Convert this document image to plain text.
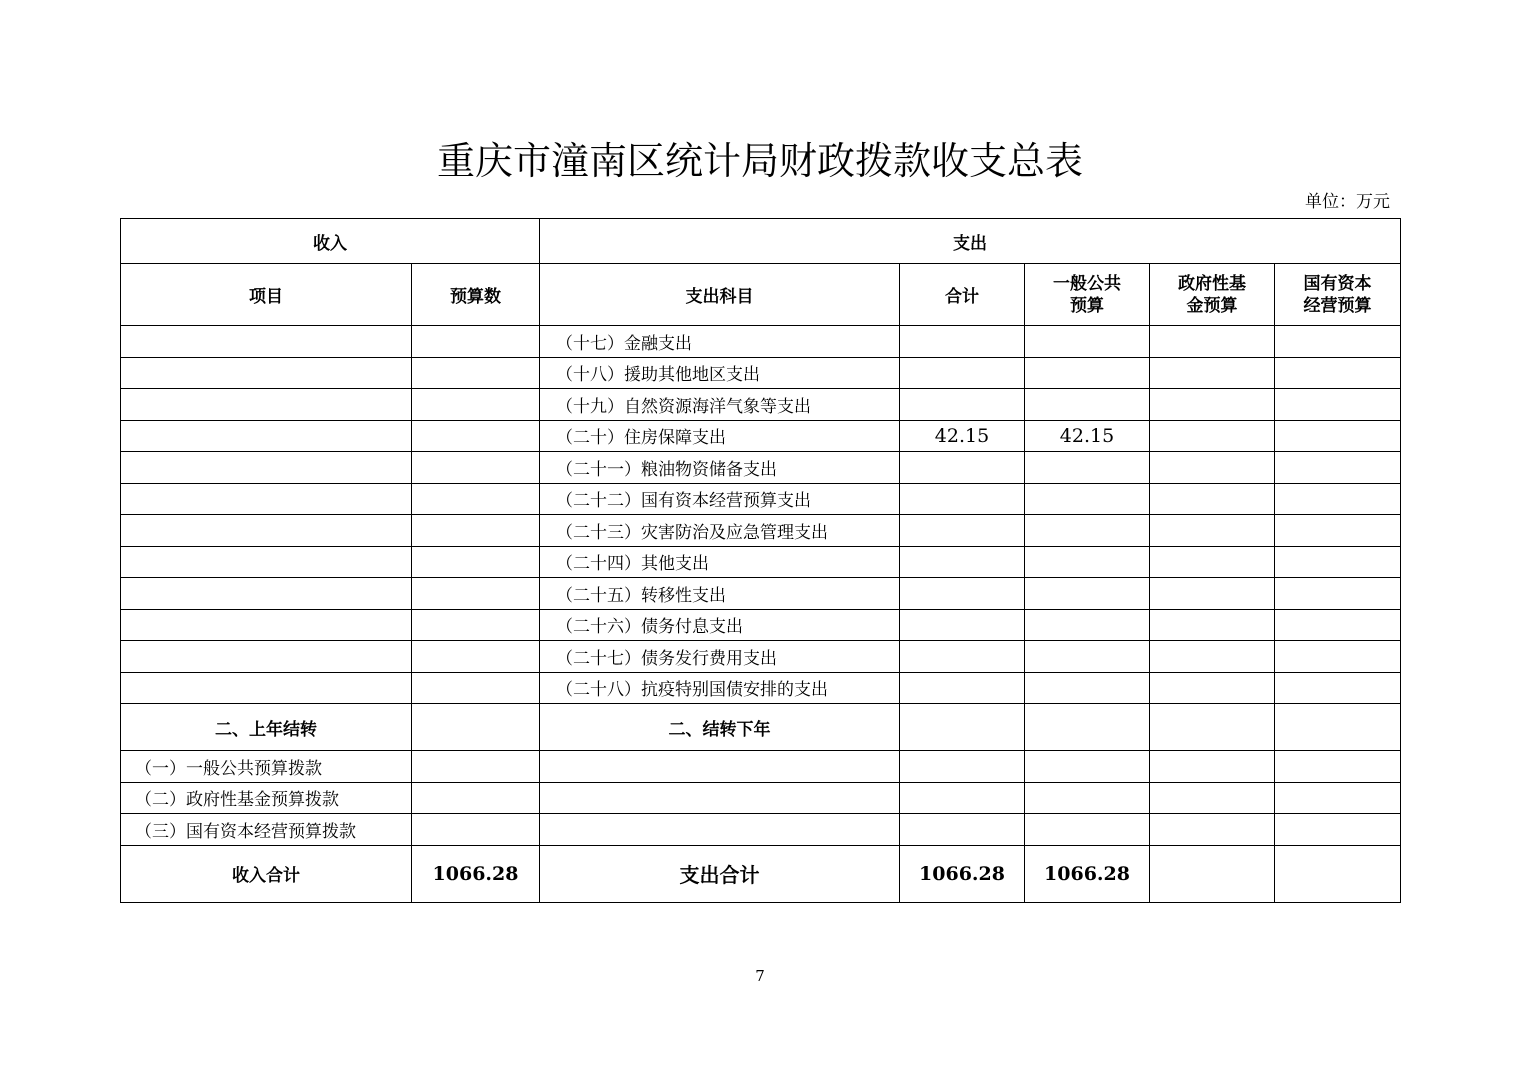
重庆市潼南区统计局财政拨款收支总表
单位：万元
收入		支出				
项目	预算数	支出科目	合计	一般公共预算	政府性基金预算	国有资本经营预算
		（十七）金融支出				
		（十八）援助其他地区支出				
		（十九）自然资源海洋气象等支出				
		（二十）住房保障支出	42.15	42.15		
		（二十一）粮油物资储备支出				
		（二十二）国有资本经营预算支出				
		（二十三）灾害防治及应急管理支出				
		（二十四）其他支出				
		（二十五）转移性支出				
		（二十六）债务付息支出				
		（二十七）债务发行费用支出				
		（二十八）抗疫特别国债安排的支出				
二、上年结转		二、结转下年				
（一）一般公共预算拨款						
（二）政府性基金预算拨款						
（三）国有资本经营预算拨款						
收入合计	1066.28	支出合计	1066.28	1066.28		
7
